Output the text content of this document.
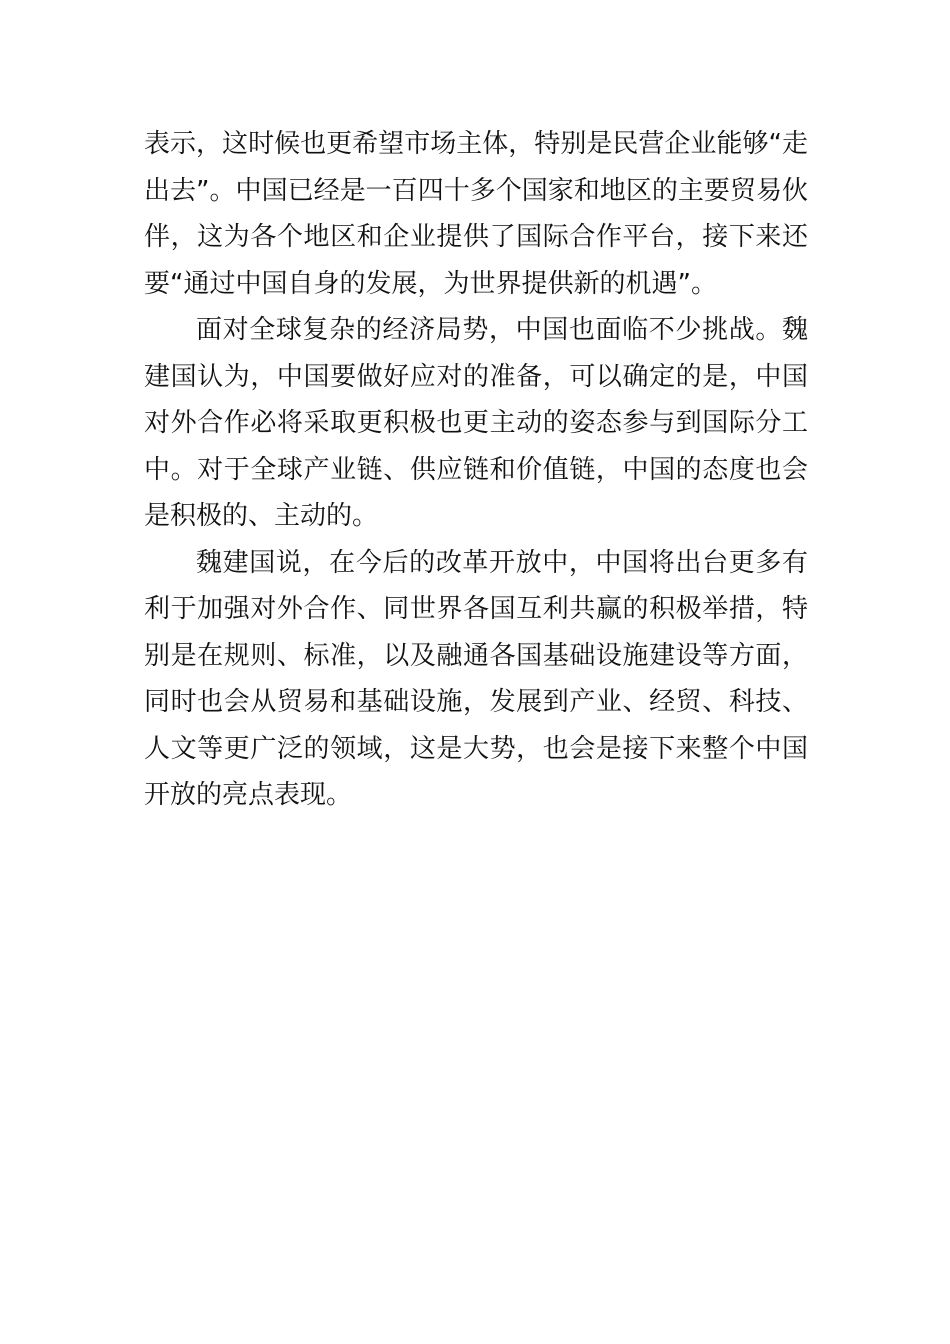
表示，这时候也更希望市场主体，特别是民营企业能够“走出去”。中国已经是一百四十多个国家和地区的主要贸易伙 伴，这为各个地区和企业提供了国际合作平台，接下来还要“通过中国自身的发展，为世界提供新的机遇”。

面对全球复杂的经济局势，中国也面临不少挑战。魏建国认为，中国要做好应对的准备，可以确定的是，中国对外合作必将采取更积极也更主动的姿态参与到国际分工中。对于全球产业链、供应链和价值链，中国的态度也会是积极的、主动的。

魏建国说，在今后的改革开放中，中国将出台更多有利于加强对外合作、同世界各国互利共赢的积极举措，特别是在规则、标准，以及融通各国基础设施建设等方面，同时也会从贸易和基础设施，发展到产业、经贸、科技、人文等更广泛的领域，这是大势，也会是接下来整个中国开放的亮点表现。
